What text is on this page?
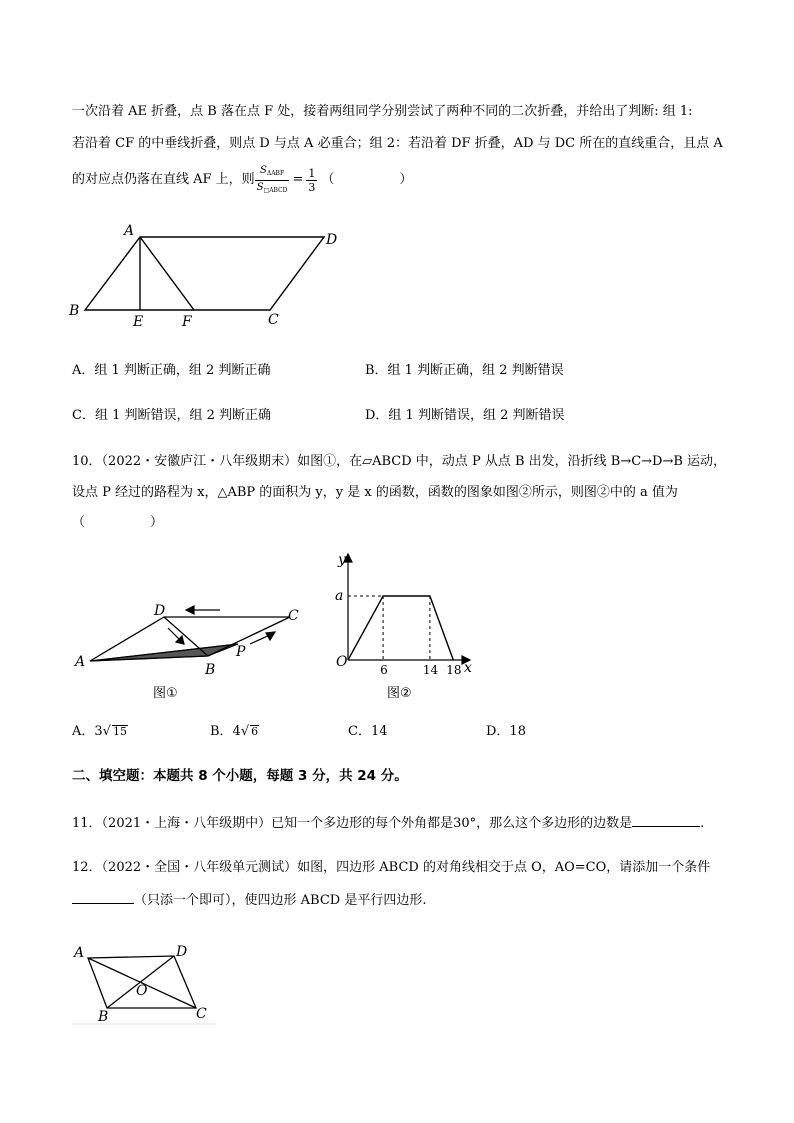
一次沿着 AE 折叠，点 B 落在点 F 处，接着两组同学分别尝试了两种不同的二次折叠，并给出了判断: 组 1:
若沿着 CF 的中垂线折叠，则点 D 与点 A 必重合；组 2：若沿着 DF 折叠，AD 与 DC 所在的直线重合，且点 A
的对应点仍落在直线 AF 上，则 $\frac{S_{\Delta ABF}}{S_{□ABCD}} = \frac{1}{3}$ （　　　　　）
A
D
B
E	F	C
A．组 1 判断正确，组 2 判断正确	B．组 1 判断正确，组 2 判断错误
C．组 1 判断错误，组 2 判断正确	D．组 1 判断错误，组 2 判断错误
10．（2022・安徽庐江・八年级期末）如图①，在▱ABCD 中，动点 P 从点 B 出发，沿折线 B→C→D→B 运动，
设点 P 经过的路程为 x，△ABP 的面积为 y，y 是 x 的函数，函数的图象如图②所示，则图②中的 a 值为
（　　　　　）
A
D	C
B
P
图①
y
a
O	x
6	14 18
图②
A．3√ 15	B．4√ 6	C．14	D．18
二、填空题：本题共 8 个小题，每题 3 分，共 24 分。
11．（2021・上海・八年级期中）已知一个多边形的每个外角都是30°，那么这个多边形的边数是	.
12．（2022・全国・八年级单元测试）如图，四边形 ABCD 的对角线相交于点 O，AO=CO，请添加一个条件
（只添一个即可），使四边形 ABCD 是平行四边形.
A	D
O
B	C
